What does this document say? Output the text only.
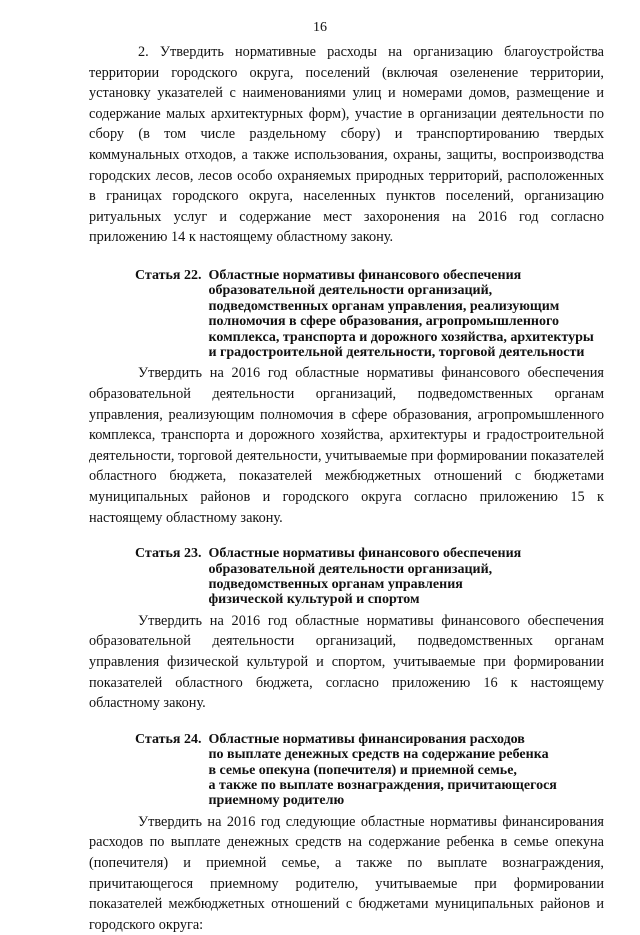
16

2. Утвердить нормативные расходы на организацию благоустройства территории городского округа, поселений (включая озеленение территории, установку указателей с наименованиями улиц и номерами домов, размещение и содержание малых архитектурных форм), участие в организации деятельности по сбору (в том числе раздельному сбору) и транспортированию твердых коммунальных отходов, а также использования, охраны, защиты, воспроизводства городских лесов, лесов особо охраняемых природных территорий, расположенных в границах городского округа, населенных пунктов поселений, организацию ритуальных услуг и содержание мест захоронения на 2016 год согласно приложению 14 к настоящему областному закону.

Статья 22. Областные нормативы финансового обеспечения
образовательной деятельности организаций,
подведомственных органам управления, реализующим
полномочия в сфере образования, агропромышленного
комплекса, транспорта и дорожного хозяйства, архитектуры
и градостроительной деятельности, торговой деятельности

Утвердить на 2016 год областные нормативы финансового обеспечения образовательной деятельности организаций, подведомственных органам управления, реализующим полномочия в сфере образования, агропромышленного комплекса, транспорта и дорожного хозяйства, архитектуры и градостроительной деятельности, торговой деятельности, учитываемые при формировании показателей областного бюджета, показателей межбюджетных отношений с бюджетами муниципальных районов и городского округа согласно приложению 15 к настоящему областному закону.

Статья 23. Областные нормативы финансового обеспечения
образовательной деятельности организаций,
подведомственных органам управления
физической культурой и спортом

Утвердить на 2016 год областные нормативы финансового обеспечения образовательной деятельности организаций, подведомственных органам управления физической культурой и спортом, учитываемые при формировании показателей областного бюджета, согласно приложению 16 к настоящему областному закону.

Статья 24. Областные нормативы финансирования расходов
по выплате денежных средств на содержание ребенка
в семье опекуна (попечителя) и приемной семье,
а также по выплате вознаграждения, причитающегося
приемному родителю

Утвердить на 2016 год следующие областные нормативы финансирования расходов по выплате денежных средств на содержание ребенка в семье опекуна (попечителя) и приемной семье, а также по выплате вознаграждения, причитающегося приемному родителю, учитываемые при формировании показателей межбюджетных отношений с бюджетами муниципальных районов и городского округа:
